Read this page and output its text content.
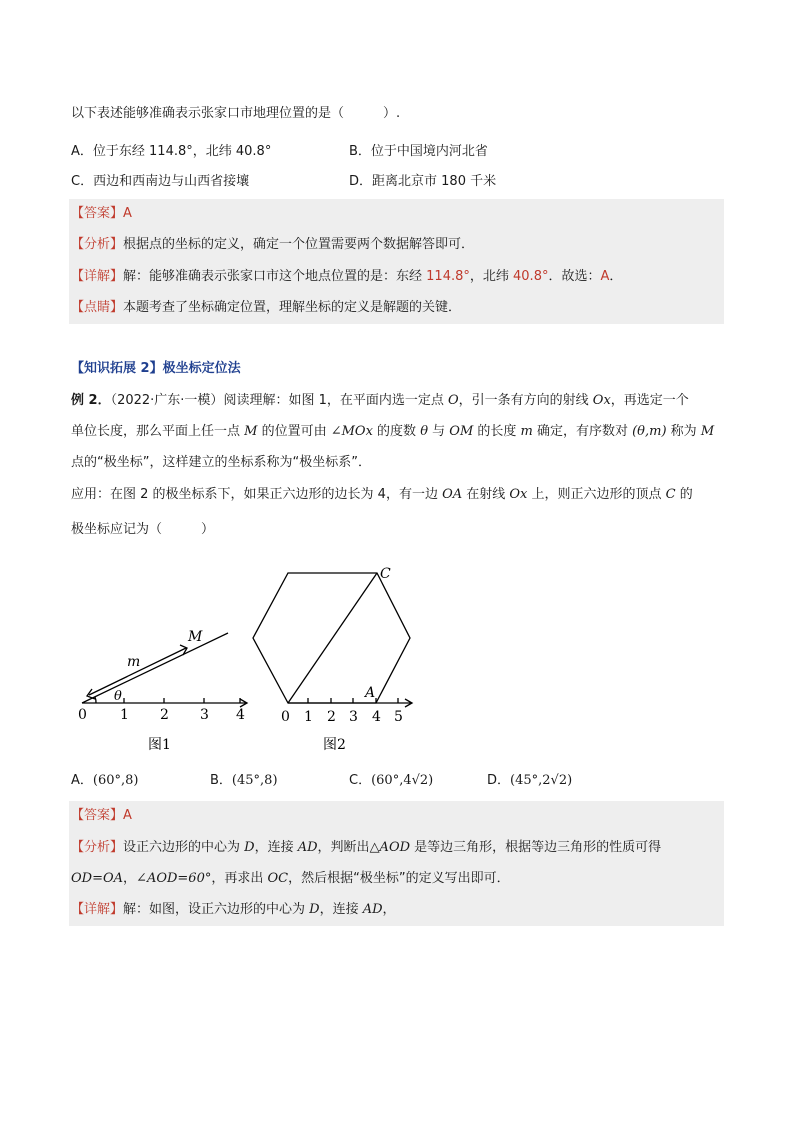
以下表述能够准确表示张家口市地理位置的是（　　　）.
A．位于东经 114.8°，北纬 40.8°	B．位于中国境内河北省
C．西边和西南边与山西省接壤	D．距离北京市 180 千米
【答案】A
【分析】根据点的坐标的定义，确定一个位置需要两个数据解答即可．
【详解】解：能够准确表示张家口市这个地点位置的是：东经 114.8°，北纬 40.8°．故选：A．
【点睛】本题考查了坐标确定位置，理解坐标的定义是解题的关键．
【知识拓展 2】极坐标定位法
例 2．（2022·广东·一模）阅读理解：如图 1，在平面内选一定点 O，引一条有方向的射线 Ox，再选定一个
单位长度，那么平面上任一点 M 的位置可由 ∠MOx 的度数 θ 与 OM 的长度 m 确定，有序数对 (θ,m) 称为 M
点的“极坐标”，这样建立的坐标系称为“极坐标系”．
应用：在图 2 的极坐标系下，如果正六边形的边长为 4，有一边 OA 在射线 Ox 上，则正六边形的顶点 C 的
极坐标应记为（　　　）
0 1 2 3 4
M
m
θ
图1
0 1 2 3 4 5
C
A
图2
A．(60°,8)	B．(45°,8)	C．(60°,4√2)	D．(45°,2√2)
【答案】A
【分析】设正六边形的中心为 D，连接 AD，判断出△AOD 是等边三角形，根据等边三角形的性质可得
OD=OA，∠AOD=60°，再求出 OC，然后根据“极坐标”的定义写出即可．
【详解】解：如图，设正六边形的中心为 D，连接 AD，
